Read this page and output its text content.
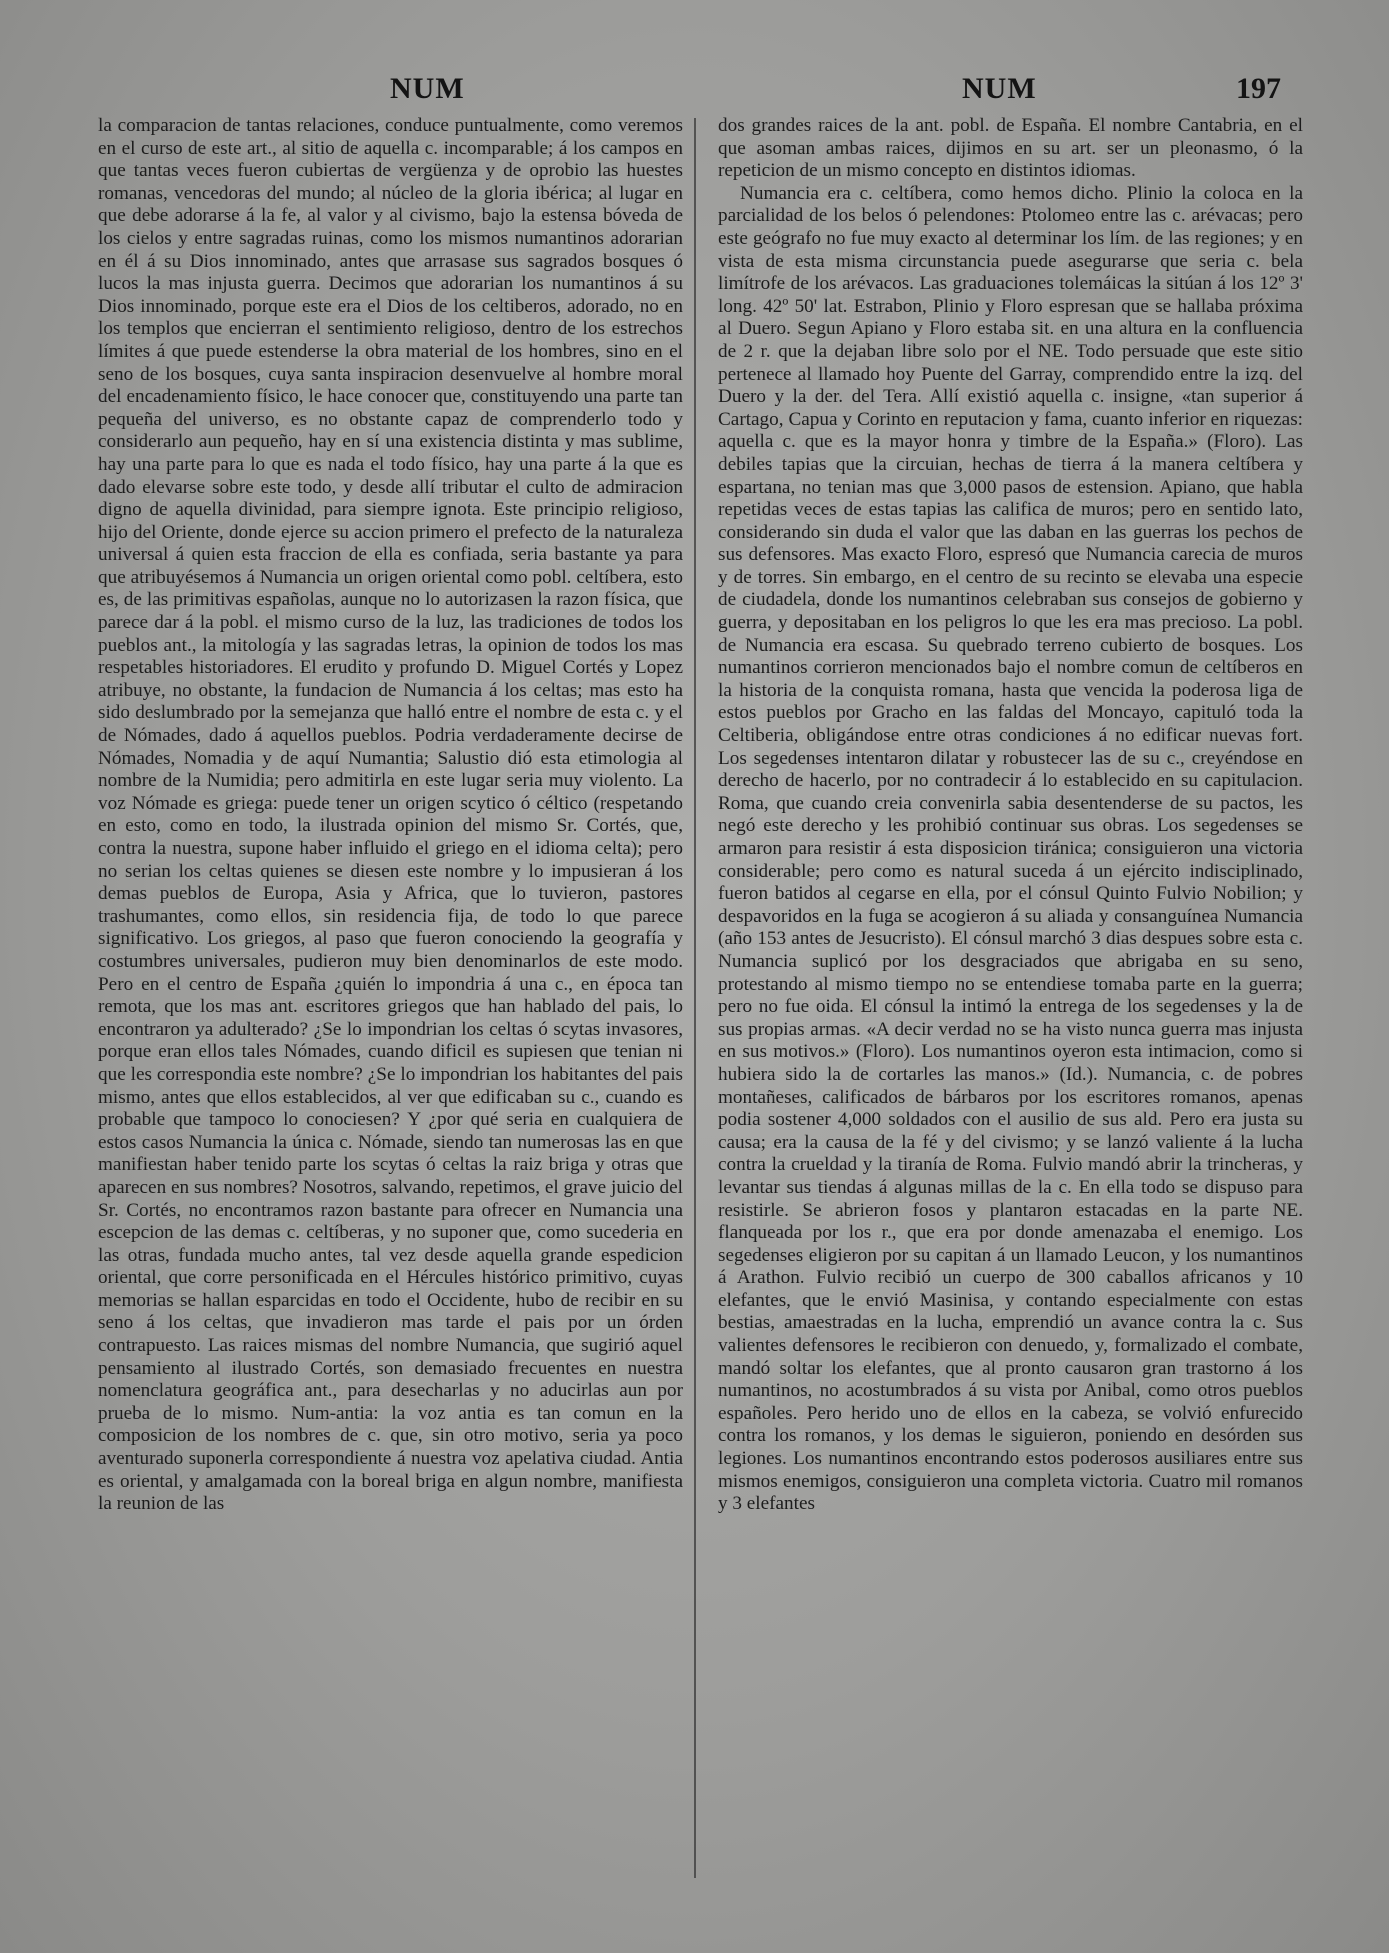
NUM	NUM	197

la comparacion de tantas relaciones, conduce puntualmente, como veremos en el curso de este art., al sitio de aquella c. incomparable; á los campos en que tantas veces fueron cubiertas de vergüenza y de oprobio las huestes romanas, vencedoras del mundo; al núcleo de la gloria ibérica; al lugar en que debe adorarse á la fe, al valor y al civismo, bajo la estensa bóveda de los cielos y entre sagradas ruinas, como los mismos numantinos adorarian en él á su Dios innominado, antes que arrasase sus sagrados bosques ó lucos la mas injusta guerra. Decimos que adorarian los numantinos á su Dios innominado, porque este era el Dios de los celtiberos, adorado, no en los templos que encierran el sentimiento religioso, dentro de los estrechos límites á que puede estenderse la obra material de los hombres, sino en el seno de los bosques, cuya santa inspiracion desenvuelve al hombre moral del encadenamiento físico, le hace conocer que, constituyendo una parte tan pequeña del universo, es no obstante capaz de comprenderlo todo y considerarlo aun pequeño, hay en sí una existencia distinta y mas sublime, hay una parte para lo que es nada el todo físico, hay una parte á la que es dado elevarse sobre este todo, y desde allí tributar el culto de admiracion digno de aquella divinidad, para siempre ignota. Este principio religioso, hijo del Oriente, donde ejerce su accion primero el prefecto de la naturaleza universal á quien esta fraccion de ella es confiada, seria bastante ya para que atribuyésemos á Numancia un origen oriental como pobl. celtíbera, esto es, de las primitivas españolas, aunque no lo autorizasen la razon física, que parece dar á la pobl. el mismo curso de la luz, las tradiciones de todos los pueblos ant., la mitología y las sagradas letras, la opinion de todos los mas respetables historiadores. El erudito y profundo D. Miguel Cortés y Lopez atribuye, no obstante, la fundacion de Numancia á los celtas; mas esto ha sido deslumbrado por la semejanza que halló entre el nombre de esta c. y el de Nómades, dado á aquellos pueblos. Podria verdaderamente decirse de Nómades, Nomadia y de aquí Numantia; Salustio dió esta etimologia al nombre de la Numidia; pero admitirla en este lugar seria muy violento. La voz Nómade es griega: puede tener un origen scytico ó céltico (respetando en esto, como en todo, la ilustrada opinion del mismo Sr. Cortés, que, contra la nuestra, supone haber influido el griego en el idioma celta); pero no serian los celtas quienes se diesen este nombre y lo impusieran á los demas pueblos de Europa, Asia y Africa, que lo tuvieron, pastores trashumantes, como ellos, sin residencia fija, de todo lo que parece significativo. Los griegos, al paso que fueron conociendo la geografía y costumbres universales, pudieron muy bien denominarlos de este modo. Pero en el centro de España ¿quién lo impondria á una c., en época tan remota, que los mas ant. escritores griegos que han hablado del pais, lo encontraron ya adulterado? ¿Se lo impondrian los celtas ó scytas invasores, porque eran ellos tales Nómades, cuando dificil es supiesen que tenian ni que les correspondia este nombre? ¿Se lo impondrian los habitantes del pais mismo, antes que ellos establecidos, al ver que edificaban su c., cuando es probable que tampoco lo conociesen? Y ¿por qué seria en cualquiera de estos casos Numancia la única c. Nómade, siendo tan numerosas las en que manifiestan haber tenido parte los scytas ó celtas la raiz briga y otras que aparecen en sus nombres? Nosotros, salvando, repetimos, el grave juicio del Sr. Cortés, no encontramos razon bastante para ofrecer en Numancia una escepcion de las demas c. celtíberas, y no suponer que, como sucederia en las otras, fundada mucho antes, tal vez desde aquella grande espedicion oriental, que corre personificada en el Hércules histórico primitivo, cuyas memorias se hallan esparcidas en todo el Occidente, hubo de recibir en su seno á los celtas, que invadieron mas tarde el pais por un órden contrapuesto. Las raices mismas del nombre Numancia, que sugirió aquel pensamiento al ilustrado Cortés, son demasiado frecuentes en nuestra nomenclatura geográfica ant., para desecharlas y no aducirlas aun por prueba de lo mismo. Num-antia: la voz antia es tan comun en la composicion de los nombres de c. que, sin otro motivo, seria ya poco aventurado suponerla correspondiente á nuestra voz apelativa ciudad. Antia es oriental, y amalgamada con la boreal briga en algun nombre, manifiesta la reunion de las

dos grandes raices de la ant. pobl. de España. El nombre Cantabria, en el que asoman ambas raices, dijimos en su art. ser un pleonasmo, ó la repeticion de un mismo concepto en distintos idiomas.

Numancia era c. celtíbera, como hemos dicho. Plinio la coloca en la parcialidad de los belos ó pelendones: Ptolomeo entre las c. arévacas; pero este geógrafo no fue muy exacto al determinar los lím. de las regiones; y en vista de esta misma circunstancia puede asegurarse que seria c. bela limítrofe de los arévacos. Las graduaciones tolemáicas la sitúan á los 12º 3' long. 42º 50' lat. Estrabon, Plinio y Floro espresan que se hallaba próxima al Duero. Segun Apiano y Floro estaba sit. en una altura en la confluencia de 2 r. que la dejaban libre solo por el NE. Todo persuade que este sitio pertenece al llamado hoy Puente del Garray, comprendido entre la izq. del Duero y la der. del Tera. Allí existió aquella c. insigne, «tan superior á Cartago, Capua y Corinto en reputacion y fama, cuanto inferior en riquezas: aquella c. que es la mayor honra y timbre de la España.» (Floro). Las debiles tapias que la circuian, hechas de tierra á la manera celtíbera y espartana, no tenian mas que 3,000 pasos de estension. Apiano, que habla repetidas veces de estas tapias las califica de muros; pero en sentido lato, considerando sin duda el valor que las daban en las guerras los pechos de sus defensores. Mas exacto Floro, espresó que Numancia carecia de muros y de torres. Sin embargo, en el centro de su recinto se elevaba una especie de ciudadela, donde los numantinos celebraban sus consejos de gobierno y guerra, y depositaban en los peligros lo que les era mas precioso. La pobl. de Numancia era escasa. Su quebrado terreno cubierto de bosques. Los numantinos corrieron mencionados bajo el nombre comun de celtíberos en la historia de la conquista romana, hasta que vencida la poderosa liga de estos pueblos por Gracho en las faldas del Moncayo, capituló toda la Celtiberia, obligándose entre otras condiciones á no edificar nuevas fort. Los segedenses intentaron dilatar y robustecer las de su c., creyéndose en derecho de hacerlo, por no contradecir á lo establecido en su capitulacion. Roma, que cuando creia convenirla sabia desentenderse de su pactos, les negó este derecho y les prohibió continuar sus obras. Los segedenses se armaron para resistir á esta disposicion tiránica; consiguieron una victoria considerable; pero como es natural suceda á un ejército indisciplinado, fueron batidos al cegarse en ella, por el cónsul Quinto Fulvio Nobilion; y despavoridos en la fuga se acogieron á su aliada y consanguínea Numancia (año 153 antes de Jesucristo). El cónsul marchó 3 dias despues sobre esta c. Numancia suplicó por los desgraciados que abrigaba en su seno, protestando al mismo tiempo no se entendiese tomaba parte en la guerra; pero no fue oida. El cónsul la intimó la entrega de los segedenses y la de sus propias armas. «A decir verdad no se ha visto nunca guerra mas injusta en sus motivos.» (Floro). Los numantinos oyeron esta intimacion, como si hubiera sido la de cortarles las manos.» (Id.). Numancia, c. de pobres montañeses, calificados de bárbaros por los escritores romanos, apenas podia sostener 4,000 soldados con el ausilio de sus ald. Pero era justa su causa; era la causa de la fé y del civismo; y se lanzó valiente á la lucha contra la crueldad y la tiranía de Roma. Fulvio mandó abrir la trincheras, y levantar sus tiendas á algunas millas de la c. En ella todo se dispuso para resistirle. Se abrieron fosos y plantaron estacadas en la parte NE. flanqueada por los r., que era por donde amenazaba el enemigo. Los segedenses eligieron por su capitan á un llamado Leucon, y los numantinos á Arathon. Fulvio recibió un cuerpo de 300 caballos africanos y 10 elefantes, que le envió Masinisa, y contando especialmente con estas bestias, amaestradas en la lucha, emprendió un avance contra la c. Sus valientes defensores le recibieron con denuedo, y, formalizado el combate, mandó soltar los elefantes, que al pronto causaron gran trastorno á los numantinos, no acostumbrados á su vista por Anibal, como otros pueblos españoles. Pero herido uno de ellos en la cabeza, se volvió enfurecido contra los romanos, y los demas le siguieron, poniendo en desórden sus legiones. Los numantinos encontrando estos poderosos ausiliares entre sus mismos enemigos, consiguieron una completa victoria. Cuatro mil romanos y 3 elefantes
